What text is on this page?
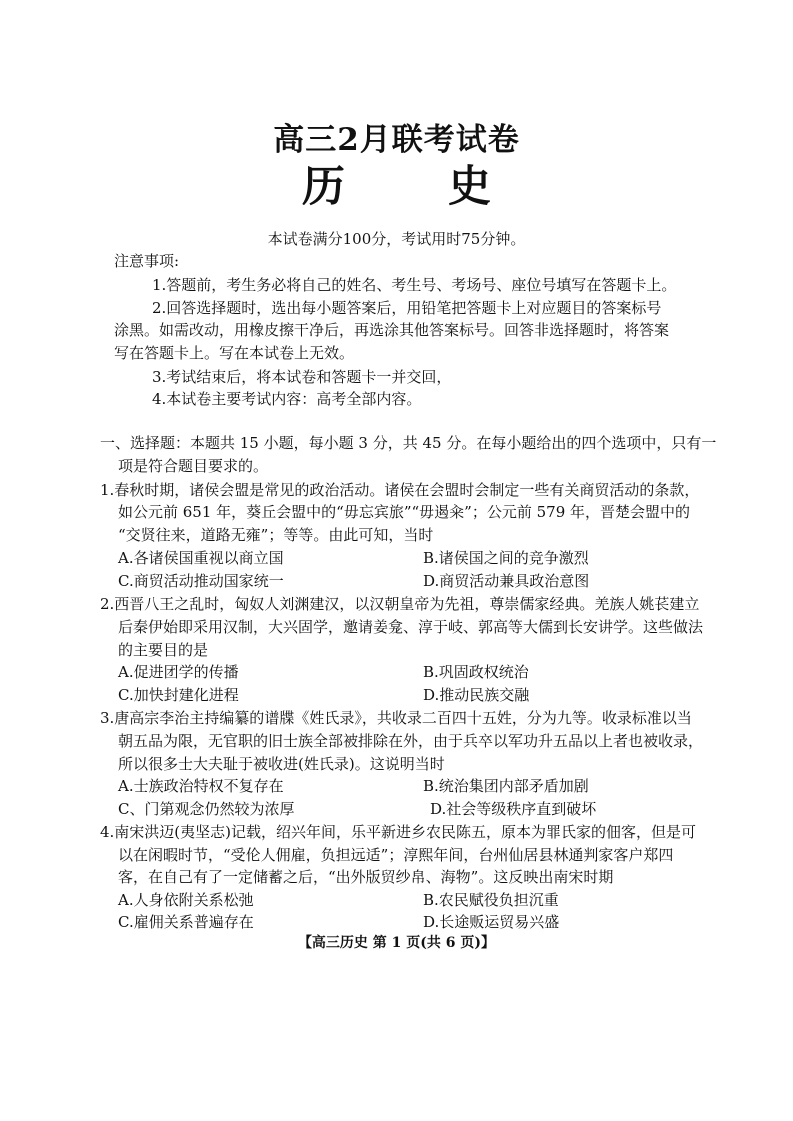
高三2月联考试卷
历 史
本试卷满分100分，考试用时75分钟。
注意事项:
1.答题前，考生务必将自己的姓名、考生号、考场号、座位号填写在答题卡上。
2.回答选择题时，选出每小题答案后，用铅笔把答题卡上对应题目的答案标号
涂黑。如需改动，用橡皮擦干净后，再选涂其他答案标号。回答非选择题时，将答案
写在答题卡上。写在本试卷上无效。
3.考试结束后，将本试卷和答题卡一并交回，
4.本试卷主要考试内容：高考全部内容。
一、选择题：本题共 15 小题，每小题 3 分，共 45 分。在每小题给出的四个选项中，只有一
项是符合题目要求的。
1.春秋时期，诸侯会盟是常见的政治活动。诸侯在会盟时会制定一些有关商贸活动的条款，
如公元前 651 年，葵丘会盟中的“毋忘宾旅”“毋遏籴”；公元前 579 年，晋楚会盟中的
“交贤往来，道路无雍”；等等。由此可知，当时
A.各诸侯国重视以商立国	B.诸侯国之间的竞争激烈
C.商贸活动推动国家统一	D.商贸活动兼具政治意图
2.西晋八王之乱时，匈奴人刘渊建汉，以汉朝皇帝为先祖，尊崇儒家经典。羌族人姚苌建立
后秦伊始即采用汉制，大兴固学，邀请姜龛、淳于岐、郭高等大儒到长安讲学。这些做法
的主要目的是
A.促进团学的传播	B.巩固政权统治
C.加快封建化进程	D.推动民族交融
3.唐高宗李治主持编纂的谱牒《姓氏录》，共收录二百四十五姓，分为九等。收录标准以当
朝五品为限，无官职的旧士族全部被排除在外，由于兵卒以军功升五品以上者也被收录，
所以很多士大夫耻于被收进(姓氏录)。这说明当时
A.士族政治特权不复存在	B.统治集团内部矛盾加剧
C、门第观念仍然较为浓厚	D.社会等级秩序直到破坏
4.南宋洪迈(夷坚志)记载，绍兴年间，乐平新进乡农民陈五，原本为罪氏家的佃客，但是可
以在闲暇时节，“受伦人佣雇，负担远适”；淳熙年间，台州仙居县林通判家客户郑四
客，在自己有了一定储蓄之后，“出外版贸纱帛、海物”。这反映出南宋时期
A.人身依附关系松弛	B.农民赋役负担沉重
C.雇佣关系普遍存在	D.长途贩运贸易兴盛
【高三历史 第 1 页(共 6 页)】
